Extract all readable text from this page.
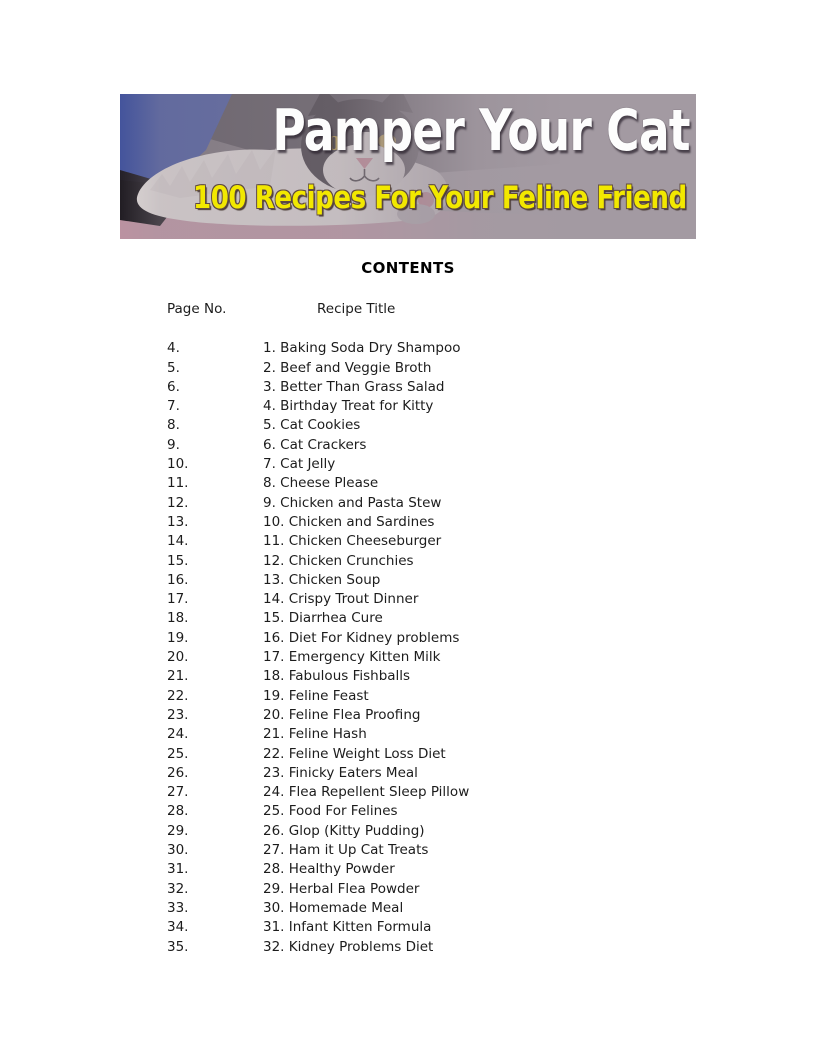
Pamper Your Cat
100 Recipes For Your Feline Friend
CONTENTS
Page No.	Recipe Title
4.	1. Baking Soda Dry Shampoo
5.	2. Beef and Veggie Broth
6.	3. Better Than Grass Salad
7.	4. Birthday Treat for Kitty
8.	5. Cat Cookies
9.	6. Cat Crackers
10.	7. Cat Jelly
11.	8. Cheese Please
12.	9. Chicken and Pasta Stew
13.	10. Chicken and Sardines
14.	11. Chicken Cheeseburger
15.	12. Chicken Crunchies
16.	13. Chicken Soup
17.	14. Crispy Trout Dinner
18.	15. Diarrhea Cure
19.	16. Diet For Kidney problems
20.	17. Emergency Kitten Milk
21.	18. Fabulous Fishballs
22.	19. Feline Feast
23.	20. Feline Flea Proofing
24.	21. Feline Hash
25.	22. Feline Weight Loss Diet
26.	23. Finicky Eaters Meal
27.	24. Flea Repellent Sleep Pillow
28.	25. Food For Felines
29.	26. Glop (Kitty Pudding)
30.	27. Ham it Up Cat Treats
31.	28. Healthy Powder
32.	29. Herbal Flea Powder
33.	30. Homemade Meal
34.	31. Infant Kitten Formula
35.	32. Kidney Problems Diet
